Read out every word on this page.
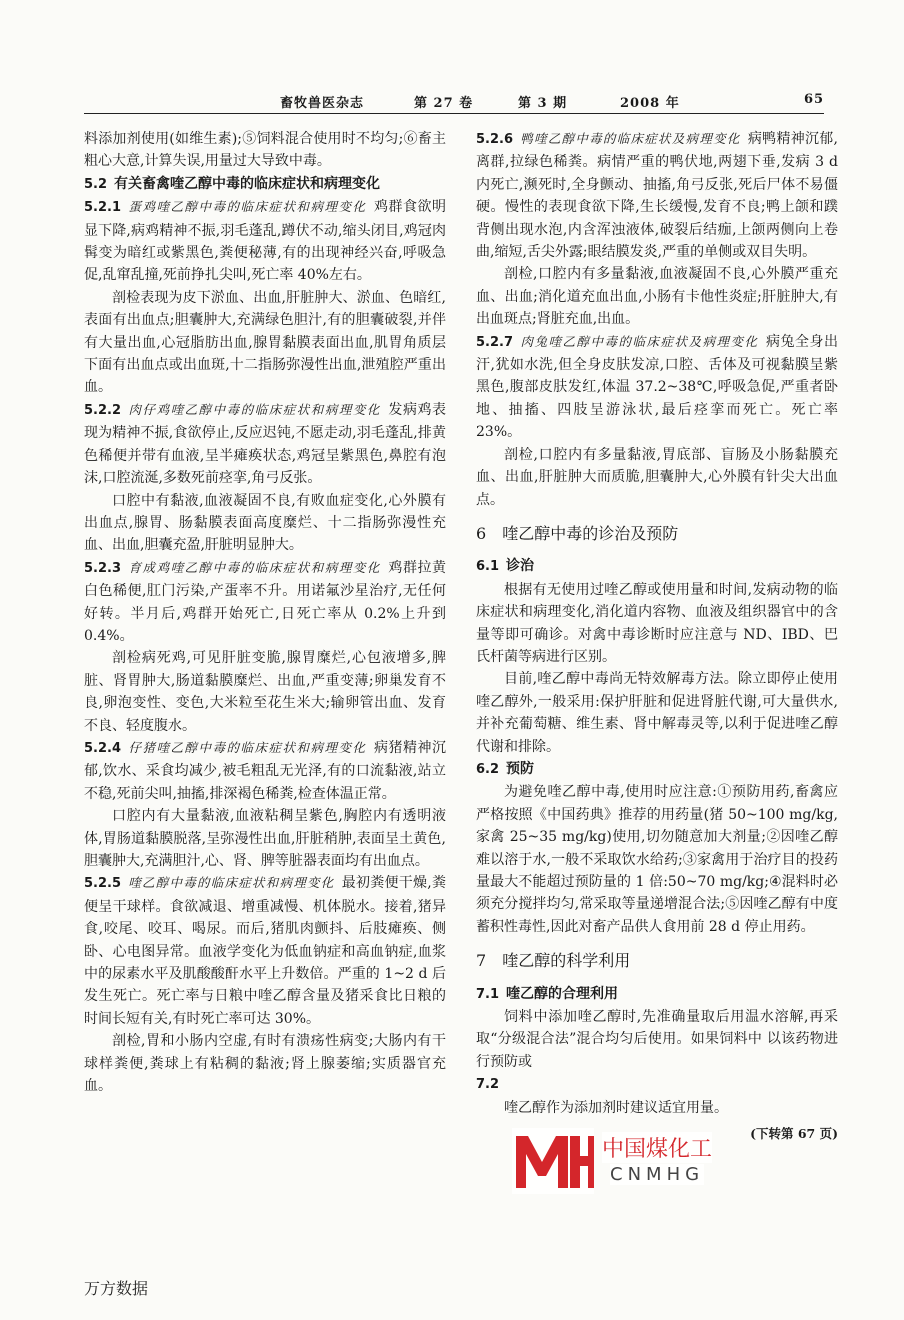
畜牧兽医杂志	第 27 卷	第 3 期	2008 年	65

料添加剂使用(如维生素);⑤饲料混合使用时不均匀;⑥畜主粗心大意,计算失误,用量过大导致中毒。

5.2  有关畜禽喹乙醇中毒的临床症状和病理变化

5.2.1  蛋鸡喹乙醇中毒的临床症状和病理变化  鸡群食欲明显下降,病鸡精神不振,羽毛蓬乱,蹲伏不动,缩头闭目,鸡冠肉髯变为暗红或紫黑色,粪便秘薄,有的出现神经兴奋,呼吸急促,乱窜乱撞,死前挣扎尖叫,死亡率 40%左右。

剖检表现为皮下淤血、出血,肝脏肿大、淤血、色暗红,表面有出血点;胆囊肿大,充满绿色胆汁,有的胆囊破裂,并伴有大量出血,心冠脂肪出血,腺胃黏膜表面出血,肌胃角质层下面有出血点或出血斑,十二指肠弥漫性出血,泄殖腔严重出血。

5.2.2  肉仔鸡喹乙醇中毒的临床症状和病理变化  发病鸡表现为精神不振,食欲停止,反应迟钝,不愿走动,羽毛蓬乱,排黄色稀便并带有血液,呈半瘫痪状态,鸡冠呈紫黑色,鼻腔有泡沫,口腔流涎,多数死前痉挛,角弓反张。

口腔中有黏液,血液凝固不良,有败血症变化,心外膜有出血点,腺胃、肠黏膜表面高度糜烂、十二指肠弥漫性充血、出血,胆囊充盈,肝脏明显肿大。

5.2.3  育成鸡喹乙醇中毒的临床症状和病理变化  鸡群拉黄白色稀便,肛门污染,产蛋率不升。用诺氟沙星治疗,无任何好转。半月后,鸡群开始死亡,日死亡率从 0.2%上升到 0.4%。

剖检病死鸡,可见肝脏变脆,腺胃糜烂,心包液增多,脾脏、肾胃肿大,肠道黏膜糜烂、出血,严重变薄;卵巢发育不良,卵泡变性、变色,大米粒至花生米大;输卵管出血、发育不良、轻度腹水。

5.2.4  仔猪喹乙醇中毒的临床症状和病理变化  病猪精神沉郁,饮水、采食均减少,被毛粗乱无光泽,有的口流黏液,站立不稳,死前尖叫,抽搐,排深褐色稀粪,检查体温正常。

口腔内有大量黏液,血液粘稠呈紫色,胸腔内有透明液体,胃肠道黏膜脱落,呈弥漫性出血,肝脏稍肿,表面呈土黄色,胆囊肿大,充满胆汁,心、肾、脾等脏器表面均有出血点。

5.2.5  喹乙醇中毒的临床症状和病理变化  最初粪便干燥,粪便呈干球样。食欲减退、增重减慢、机体脱水。接着,猪异食,咬尾、咬耳、喝尿。而后,猪肌肉颤抖、后肢瘫痪、侧卧、心电图异常。血液学变化为低血钠症和高血钠症,血浆中的尿素水平及肌酸酸酐水平上升数倍。严重的 1~2 d 后发生死亡。死亡率与日粮中喹乙醇含量及猪采食比日粮的时间长短有关,有时死亡率可达 30%。

剖检,胃和小肠内空虚,有时有溃疡性病变;大肠内有干球样粪便,粪球上有粘稠的黏液;肾上腺萎缩;实质器官充血。

5.2.6  鸭喹乙醇中毒的临床症状及病理变化  病鸭精神沉郁,离群,拉绿色稀粪。病情严重的鸭伏地,两翅下垂,发病 3 d 内死亡,濒死时,全身颤动、抽搐,角弓反张,死后尸体不易僵硬。慢性的表现食欲下降,生长缓慢,发育不良;鸭上颌和蹼背侧出现水泡,内含浑浊液体,破裂后结痂,上颌两侧向上卷曲,缩短,舌尖外露;眼结膜发炎,严重的单侧或双目失明。

剖检,口腔内有多量黏液,血液凝固不良,心外膜严重充血、出血;消化道充血出血,小肠有卡他性炎症;肝脏肿大,有出血斑点;肾脏充血,出血。

5.2.7  肉兔喹乙醇中毒的临床症状及病理变化  病兔全身出汗,犹如水洗,但全身皮肤发凉,口腔、舌体及可视黏膜呈紫黑色,腹部皮肤发红,体温 37.2~38℃,呼吸急促,严重者卧地、抽搐、四肢呈游泳状,最后痉挛而死亡。死亡率 23%。

剖检,口腔内有多量黏液,胃底部、盲肠及小肠黏膜充血、出血,肝脏肿大而质脆,胆囊肿大,心外膜有针尖大出血点。

6  喹乙醇中毒的诊治及预防
6.1  诊治

根据有无使用过喹乙醇或使用量和时间,发病动物的临床症状和病理变化,消化道内容物、血液及组织器官中的含量等即可确诊。对禽中毒诊断时应注意与 ND、IBD、巴氏杆菌等病进行区别。

目前,喹乙醇中毒尚无特效解毒方法。除立即停止使用喹乙醇外,一般采用:保护肝脏和促进肾脏代谢,可大量供水,并补充葡萄糖、维生素、肾中解毒灵等,以利于促进喹乙醇代谢和排除。

6.2  预防

为避免喹乙醇中毒,使用时应注意:①预防用药,畜禽应严格按照《中国药典》推荐的用药量(猪 50~100 mg/kg,家禽 25~35 mg/kg)使用,切勿随意加大剂量;②因喹乙醇难以溶于水,一般不采取饮水给药;③家禽用于治疗目的投药量最大不能超过预防量的 1 倍:50~70 mg/kg;④混料时必须充分搅拌均匀,常采取等量递增混合法;⑤因喹乙醇有中度蓄积性毒性,因此对畜产品供人食用前 28 d 停止用药。

7  喹乙醇的科学利用
7.1  喹乙醇的合理利用

饲料中添加喹乙醇时,先准确量取后用温水溶解,再采取“分级混合法”混合均匀后使用。如果饲料中 以该药物进行预防或

7.2 

喹乙醇作为添加剂时建议适宜用量。

(下转第 67 页)
中国煤化工
CNMHG
万方数据
